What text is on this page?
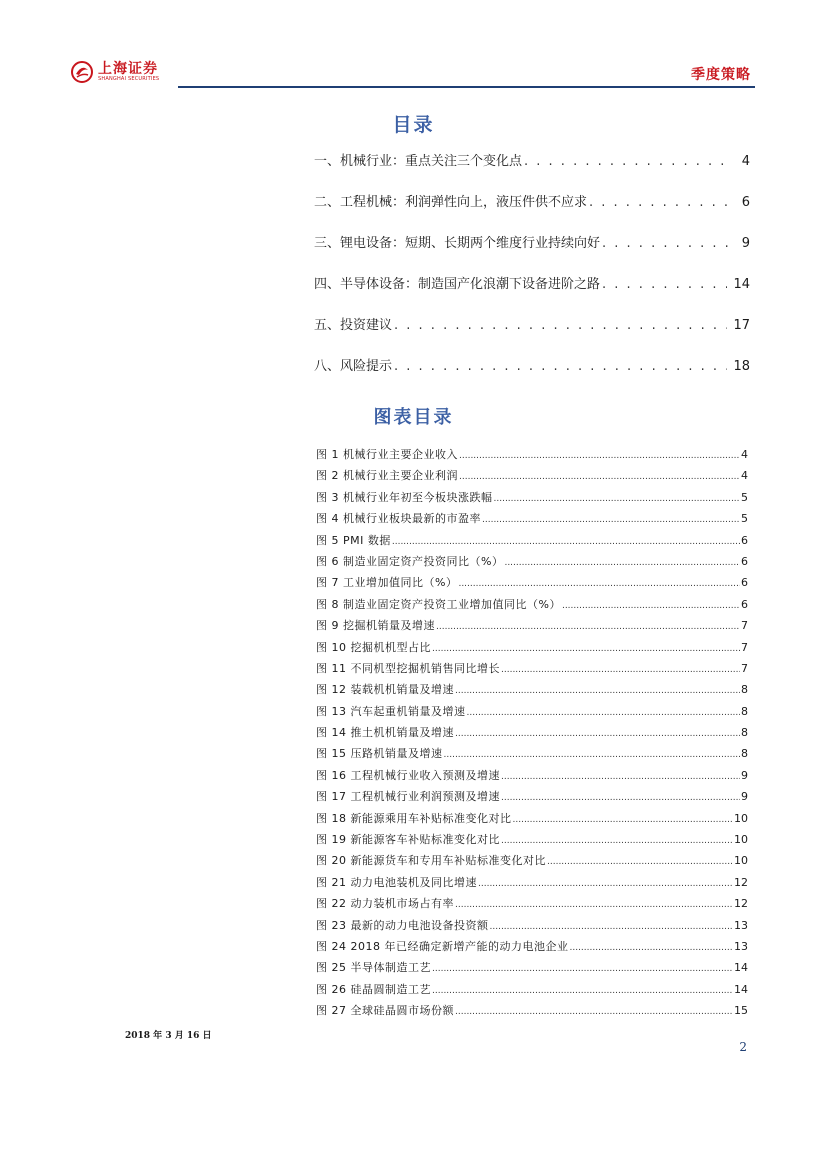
上海证券
SHANGHAI SECURITIES	季度策略
目录
一、机械行业：重点关注三个变化点 . . .	4
二、工程机械：利润弹性向上，液压件供不应求 . . .	6
三、锂电设备：短期、长期两个维度行业持续向好 . . .	9
四、半导体设备：制造国产化浪潮下设备进阶之路 . . .	14
五、投资建议 . . .	17
八、风险提示 . . .	18
图表目录
图 1 机械行业主要企业收入 .....	4
图 2 机械行业主要企业利润 .....	4
图 3 机械行业年初至今板块涨跌幅 .....	5
图 4 机械行业板块最新的市盈率 .....	5
图 5 PMI 数据 .....	6
图 6 制造业固定资产投资同比（%） .....	6
图 7 工业增加值同比（%） .....	6
图 8 制造业固定资产投资工业增加值同比（%） .....	6
图 9 挖掘机销量及增速 .....	7
图 10 挖掘机机型占比 .....	7
图 11 不同机型挖掘机销售同比增长 .....	7
图 12 装载机机销量及增速 .....	8
图 13 汽车起重机销量及增速 .....	8
图 14 推土机机销量及增速 .....	8
图 15 压路机销量及增速 .....	8
图 16 工程机械行业收入预测及增速 .....	9
图 17 工程机械行业利润预测及增速 .....	9
图 18 新能源乘用车补贴标准变化对比 .....	10
图 19 新能源客车补贴标准变化对比 .....	10
图 20 新能源货车和专用车补贴标准变化对比 .....	10
图 21 动力电池装机及同比增速 .....	12
图 22 动力装机市场占有率 .....	12
图 23 最新的动力电池设备投资额 .....	13
图 24 2018 年已经确定新增产能的动力电池企业 .....	13
图 25 半导体制造工艺 .....	14
图 26 硅晶圆制造工艺 .....	14
图 27 全球硅晶圆市场份额 .....	15
2018 年 3 月 16 日
2
